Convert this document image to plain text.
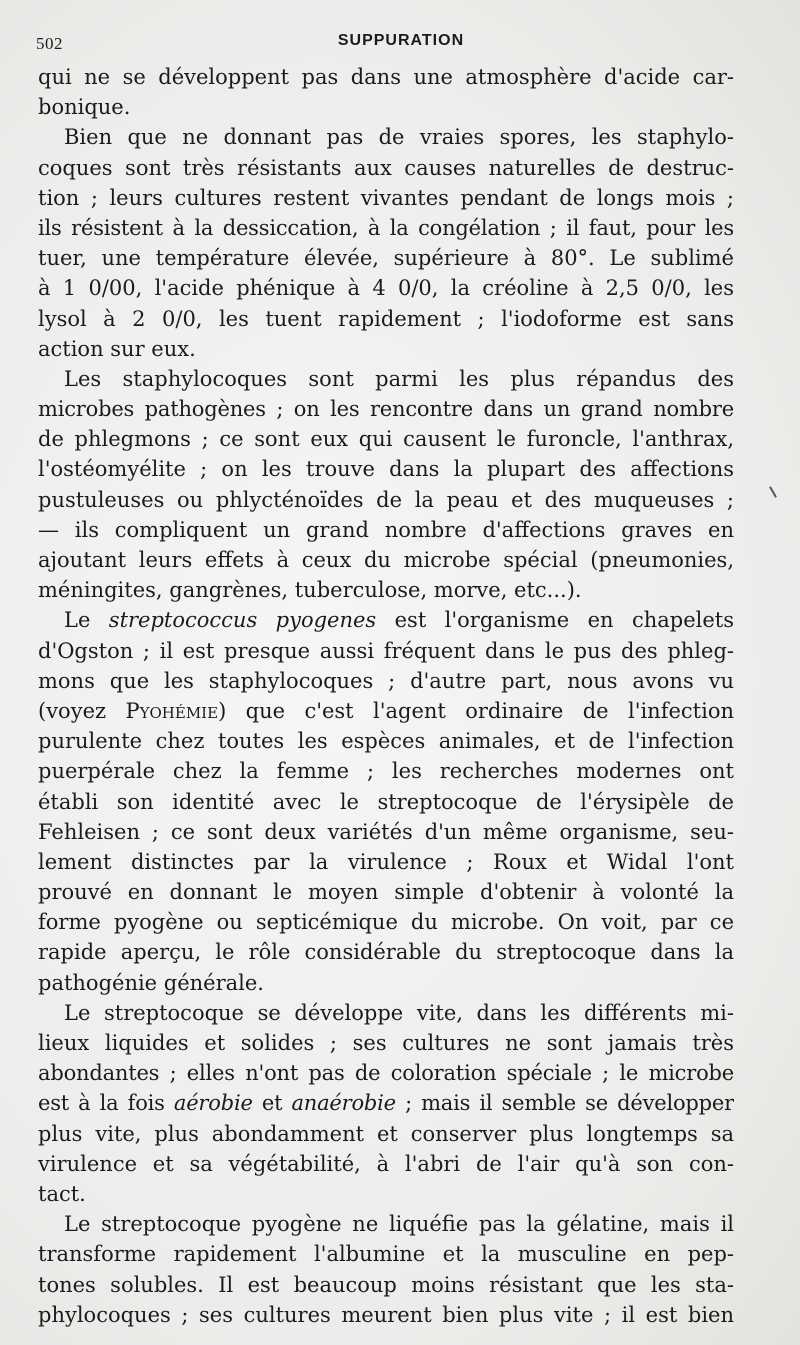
502	SUPPURATION

qui ne se développent pas dans une atmosphère d'acide car-
bonique.

Bien que ne donnant pas de vraies spores, les staphylo-
coques sont très résistants aux causes naturelles de destruc-
tion ; leurs cultures restent vivantes pendant de longs mois ;
ils résistent à la dessiccation, à la congélation ; il faut, pour les
tuer, une température élevée, supérieure à 80°. Le sublimé
à 1 0/00, l'acide phénique à 4 0/0, la créoline à 2,5 0/0, les
lysol à 2 0/0, les tuent rapidement ; l'iodoforme est sans
action sur eux.

Les staphylocoques sont parmi les plus répandus des
microbes pathogènes ; on les rencontre dans un grand nombre
de phlegmons ; ce sont eux qui causent le furoncle, l'anthrax,
l'ostéomyélite ; on les trouve dans la plupart des affections
pustuleuses ou phlycténoïdes de la peau et des muqueuses ;
— ils compliquent un grand nombre d'affections graves en
ajoutant leurs effets à ceux du microbe spécial (pneumonies,
méningites, gangrènes, tuberculose, morve, etc...).

Le streptococcus pyogenes est l'organisme en chapelets
d'Ogston ; il est presque aussi fréquent dans le pus des phleg-
mons que les staphylocoques ; d'autre part, nous avons vu
(voyez Pyohémie) que c'est l'agent ordinaire de l'infection
purulente chez toutes les espèces animales, et de l'infection
puerpérale chez la femme ; les recherches modernes ont
établi son identité avec le streptocoque de l'érysipèle de
Fehleisen ; ce sont deux variétés d'un même organisme, seu-
lement distinctes par la virulence ; Roux et Widal l'ont
prouvé en donnant le moyen simple d'obtenir à volonté la
forme pyogène ou septicémique du microbe. On voit, par ce
rapide aperçu, le rôle considérable du streptocoque dans la
pathogénie générale.

Le streptocoque se développe vite, dans les différents mi-
lieux liquides et solides ; ses cultures ne sont jamais très
abondantes ; elles n'ont pas de coloration spéciale ; le microbe
est à la fois aérobie et anaérobie ; mais il semble se développer
plus vite, plus abondamment et conserver plus longtemps sa
virulence et sa végétabilité, à l'abri de l'air qu'à son con-
tact.

Le streptocoque pyogène ne liquéfie pas la gélatine, mais il
transforme rapidement l'albumine et la musculine en pep-
tones solubles. Il est beaucoup moins résistant que les sta-
phylocoques ; ses cultures meurent bien plus vite ; il est bien
